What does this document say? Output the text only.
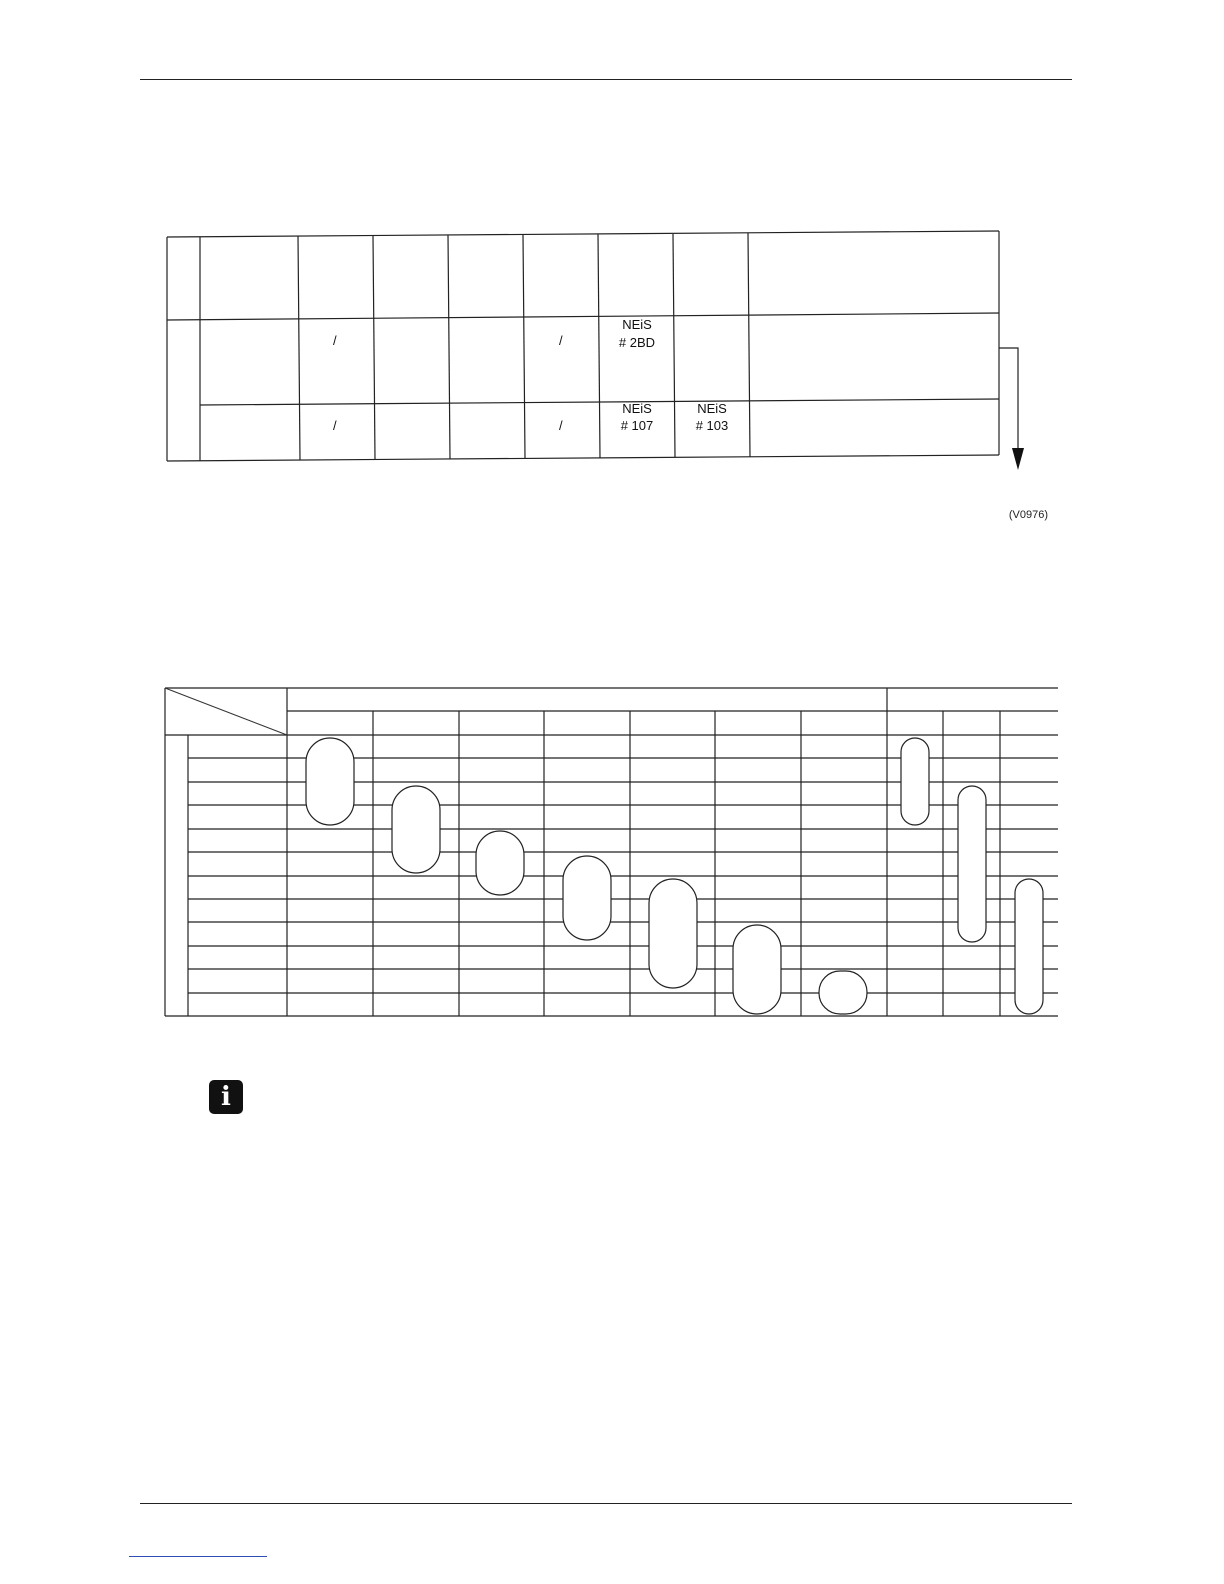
/	/
/	/
NEiS
# 2BD
NEiS
# 107
NEiS
# 103
(V0976)
i
